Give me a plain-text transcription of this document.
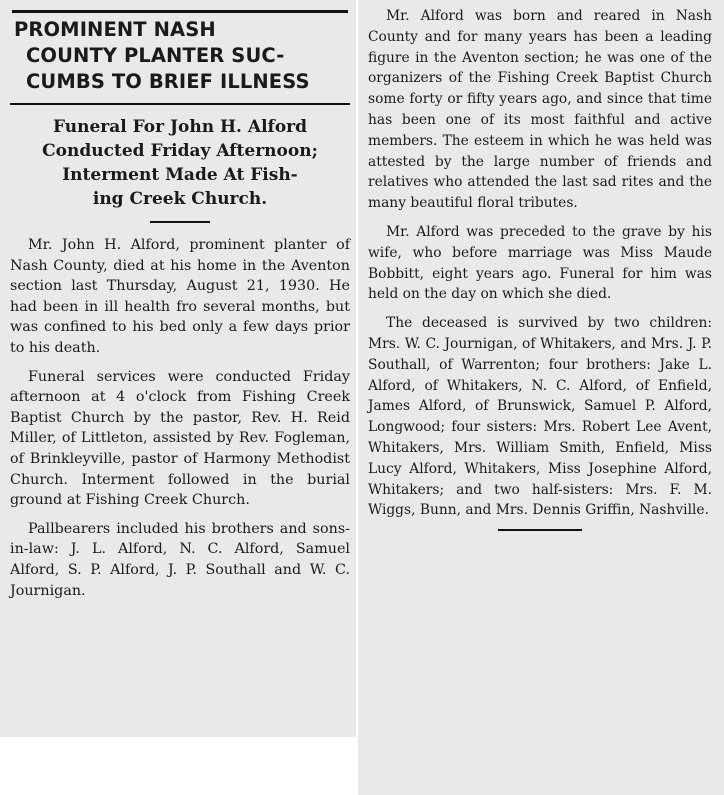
PROMINENT NASH
COUNTY PLANTER SUC-
CUMBS TO BRIEF ILLNESS
Funeral For John H. Alford
Conducted Friday Afternoon;
Interment Made At Fish-
ing Creek Church.

Mr. John H. Alford, prominent planter of Nash County, died at his home in the Aventon section last Thursday, August 21, 1930. He had been in ill health fro several months, but was confined to his bed only a few days prior to his death.

Funeral services were conducted Friday afternoon at 4 o'clock from Fishing Creek Baptist Church by the pastor, Rev. H. Reid Miller, of Littleton, assisted by Rev. Fogleman, of Brinkleyville, pastor of Harmony Methodist Church. Interment followed in the burial ground at Fishing Creek Church.

Pallbearers included his brothers and sons-in-law: J. L. Alford, N. C. Alford, Samuel Alford, S. P. Alford, J. P. Southall and W. C. Journigan.

Mr. Alford was born and reared in Nash County and for many years has been a leading figure in the Aventon section; he was one of the organizers of the Fishing Creek Baptist Church some forty or fifty years ago, and since that time has been one of its most faithful and active members. The esteem in which he was held was attested by the large number of friends and relatives who attended the last sad rites and the many beautiful floral tributes.

Mr. Alford was preceded to the grave by his wife, who before marriage was Miss Maude Bobbitt, eight years ago. Funeral for him was held on the day on which she died.

The deceased is survived by two children: Mrs. W. C. Journigan, of Whitakers, and Mrs. J. P. Southall, of Warrenton; four brothers: Jake L. Alford, of Whitakers, N. C. Alford, of Enfield, James Alford, of Brunswick, Samuel P. Alford, Longwood; four sisters: Mrs. Robert Lee Avent, Whitakers, Mrs. William Smith, Enfield, Miss Lucy Alford, Whitakers, Miss Josephine Alford, Whitakers; and two half-sisters: Mrs. F. M. Wiggs, Bunn, and Mrs. Dennis Griffin, Nashville.
